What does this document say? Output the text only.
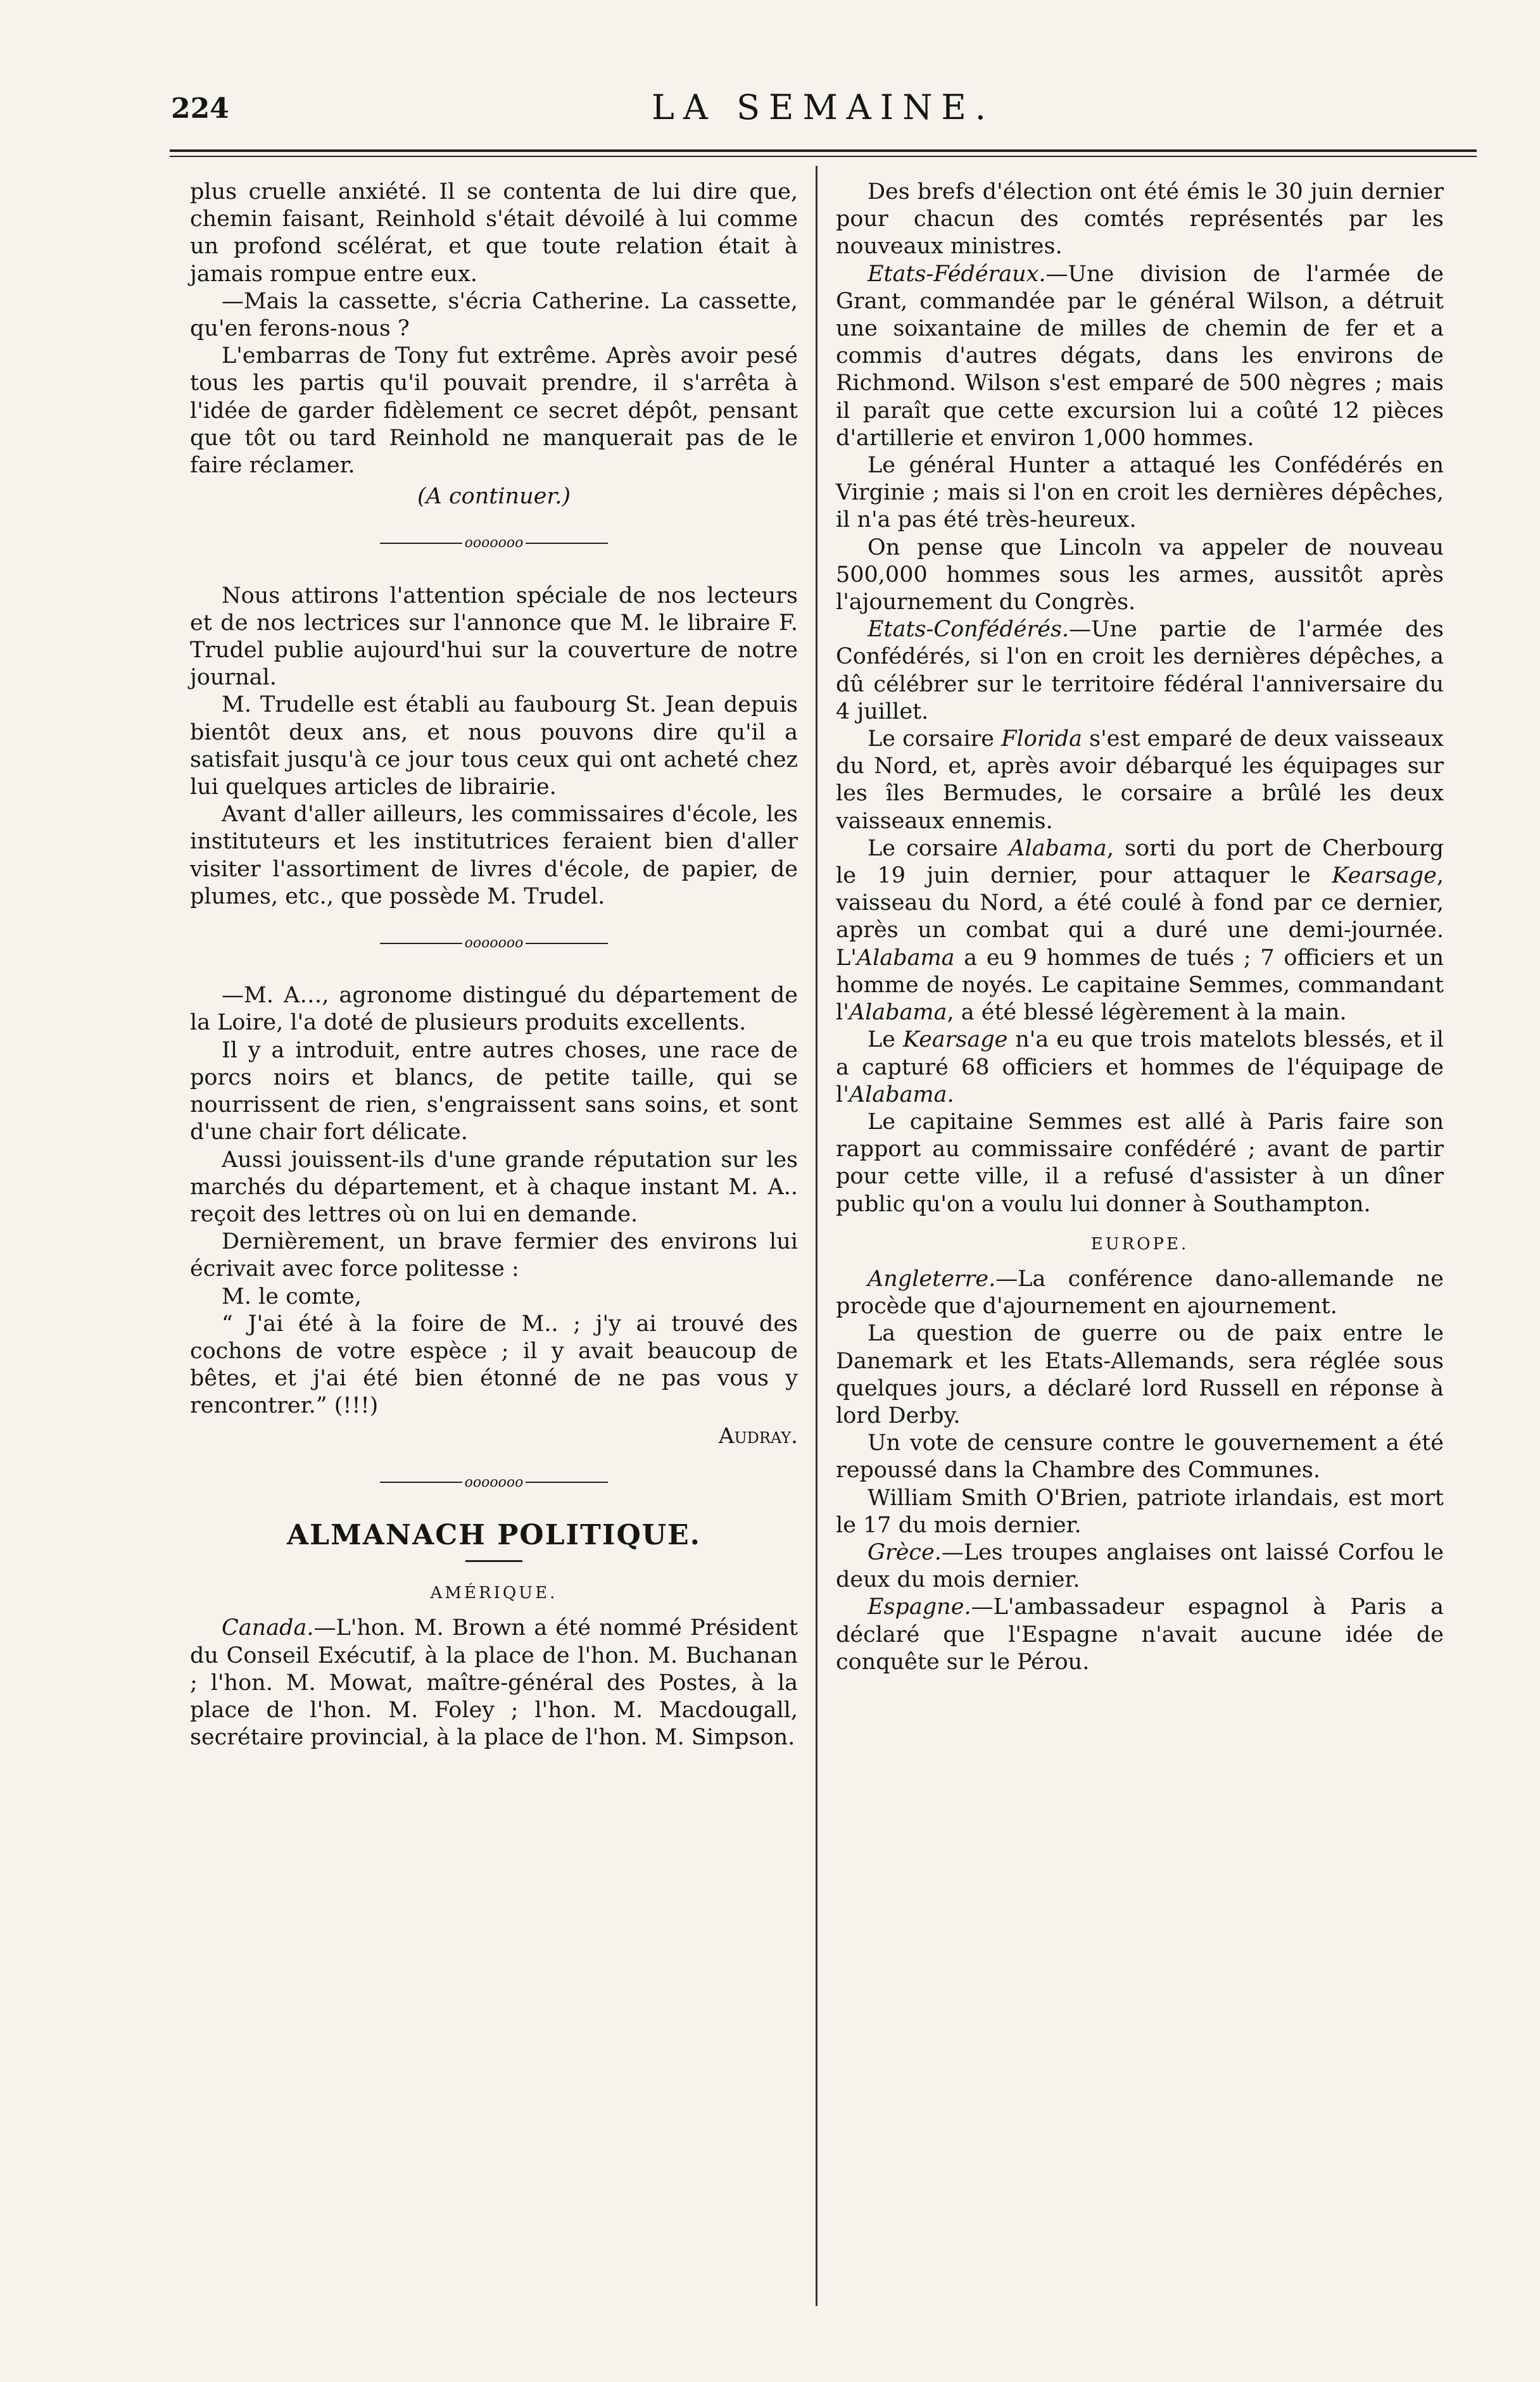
224	LA SEMAINE.

plus cruelle anxiété. Il se contenta de lui dire que, chemin faisant, Reinhold s'était dévoilé à lui comme un profond scélérat, et que toute relation était à jamais rompue entre eux.

—Mais la cassette, s'écria Catherine. La cassette, qu'en ferons-nous ?

L'embarras de Tony fut extrême. Après avoir pesé tous les partis qu'il pouvait prendre, il s'arrêta à l'idée de garder fidèlement ce secret dépôt, pensant que tôt ou tard Reinhold ne manquerait pas de le faire réclamer.

(A continuer.)
ooooooo

Nous attirons l'attention spéciale de nos lecteurs et de nos lectrices sur l'annonce que M. le libraire F. Trudel publie aujourd'hui sur la couverture de notre journal.

M. Trudelle est établi au faubourg St. Jean depuis bientôt deux ans, et nous pouvons dire qu'il a satisfait jusqu'à ce jour tous ceux qui ont acheté chez lui quelques articles de librairie.

Avant d'aller ailleurs, les commissaires d'école, les instituteurs et les institutrices feraient bien d'aller visiter l'assortiment de livres d'école, de papier, de plumes, etc., que possède M. Trudel.

ooooooo

—M. A…, agronome distingué du département de la Loire, l'a doté de plusieurs produits excellents.

Il y a introduit, entre autres choses, une race de porcs noirs et blancs, de petite taille, qui se nourrissent de rien, s'engraissent sans soins, et sont d'une chair fort délicate.

Aussi jouissent-ils d'une grande réputation sur les marchés du département, et à chaque instant M. A.. reçoit des lettres où on lui en demande.

Dernièrement, un brave fermier des environs lui écrivait avec force politesse :

M. le comte,

“ J'ai été à la foire de M.. ; j'y ai trouvé des cochons de votre espèce ; il y avait beaucoup de bêtes, et j'ai été bien étonné de ne pas vous y rencontrer.” (!!!)

Audray.
ooooooo
ALMANACH POLITIQUE.
AMÉRIQUE.

Canada.—L'hon. M. Brown a été nommé Président du Conseil Exécutif, à la place de l'hon. M. Buchanan ; l'hon. M. Mowat, maître-général des Postes, à la place de l'hon. M. Foley ; l'hon. M. Macdougall, secrétaire provincial, à la place de l'hon. M. Simpson.

Des brefs d'élection ont été émis le 30 juin dernier pour chacun des comtés représentés par les nouveaux ministres.

Etats-Fédéraux.—Une division de l'armée de Grant, commandée par le général Wilson, a détruit une soixantaine de milles de chemin de fer et a commis d'autres dégats, dans les environs de Richmond. Wilson s'est emparé de 500 nègres ; mais il paraît que cette excursion lui a coûté 12 pièces d'artillerie et environ 1,000 hommes.

Le général Hunter a attaqué les Confédérés en Virginie ; mais si l'on en croit les dernières dépêches, il n'a pas été très-heureux.

On pense que Lincoln va appeler de nouveau 500,000 hommes sous les armes, aussitôt après l'ajournement du Congrès.

Etats-Confédérés.—Une partie de l'armée des Confédérés, si l'on en croit les dernières dépêches, a dû célébrer sur le territoire fédéral l'anniversaire du 4 juillet.

Le corsaire Florida s'est emparé de deux vaisseaux du Nord, et, après avoir débarqué les équipages sur les îles Bermudes, le corsaire a brûlé les deux vaisseaux ennemis.

Le corsaire Alabama, sorti du port de Cherbourg le 19 juin dernier, pour attaquer le Kearsage, vaisseau du Nord, a été coulé à fond par ce dernier, après un combat qui a duré une demi-journée. L'Alabama a eu 9 hommes de tués ; 7 officiers et un homme de noyés. Le capitaine Semmes, commandant l'Alabama, a été blessé légèrement à la main.

Le Kearsage n'a eu que trois matelots blessés, et il a capturé 68 officiers et hommes de l'équipage de l'Alabama.

Le capitaine Semmes est allé à Paris faire son rapport au commissaire confédéré ; avant de partir pour cette ville, il a refusé d'assister à un dîner public qu'on a voulu lui donner à Southampton.

EUROPE.

Angleterre.—La conférence dano-allemande ne procède que d'ajournement en ajournement.

La question de guerre ou de paix entre le Danemark et les Etats-Allemands, sera réglée sous quelques jours, a déclaré lord Russell en réponse à lord Derby.

Un vote de censure contre le gouvernement a été repoussé dans la Chambre des Communes.

William Smith O'Brien, patriote irlandais, est mort le 17 du mois dernier.

Grèce.—Les troupes anglaises ont laissé Corfou le deux du mois dernier.

Espagne.—L'ambassadeur espagnol à Paris a déclaré que l'Espagne n'avait aucune idée de conquête sur le Pérou.
